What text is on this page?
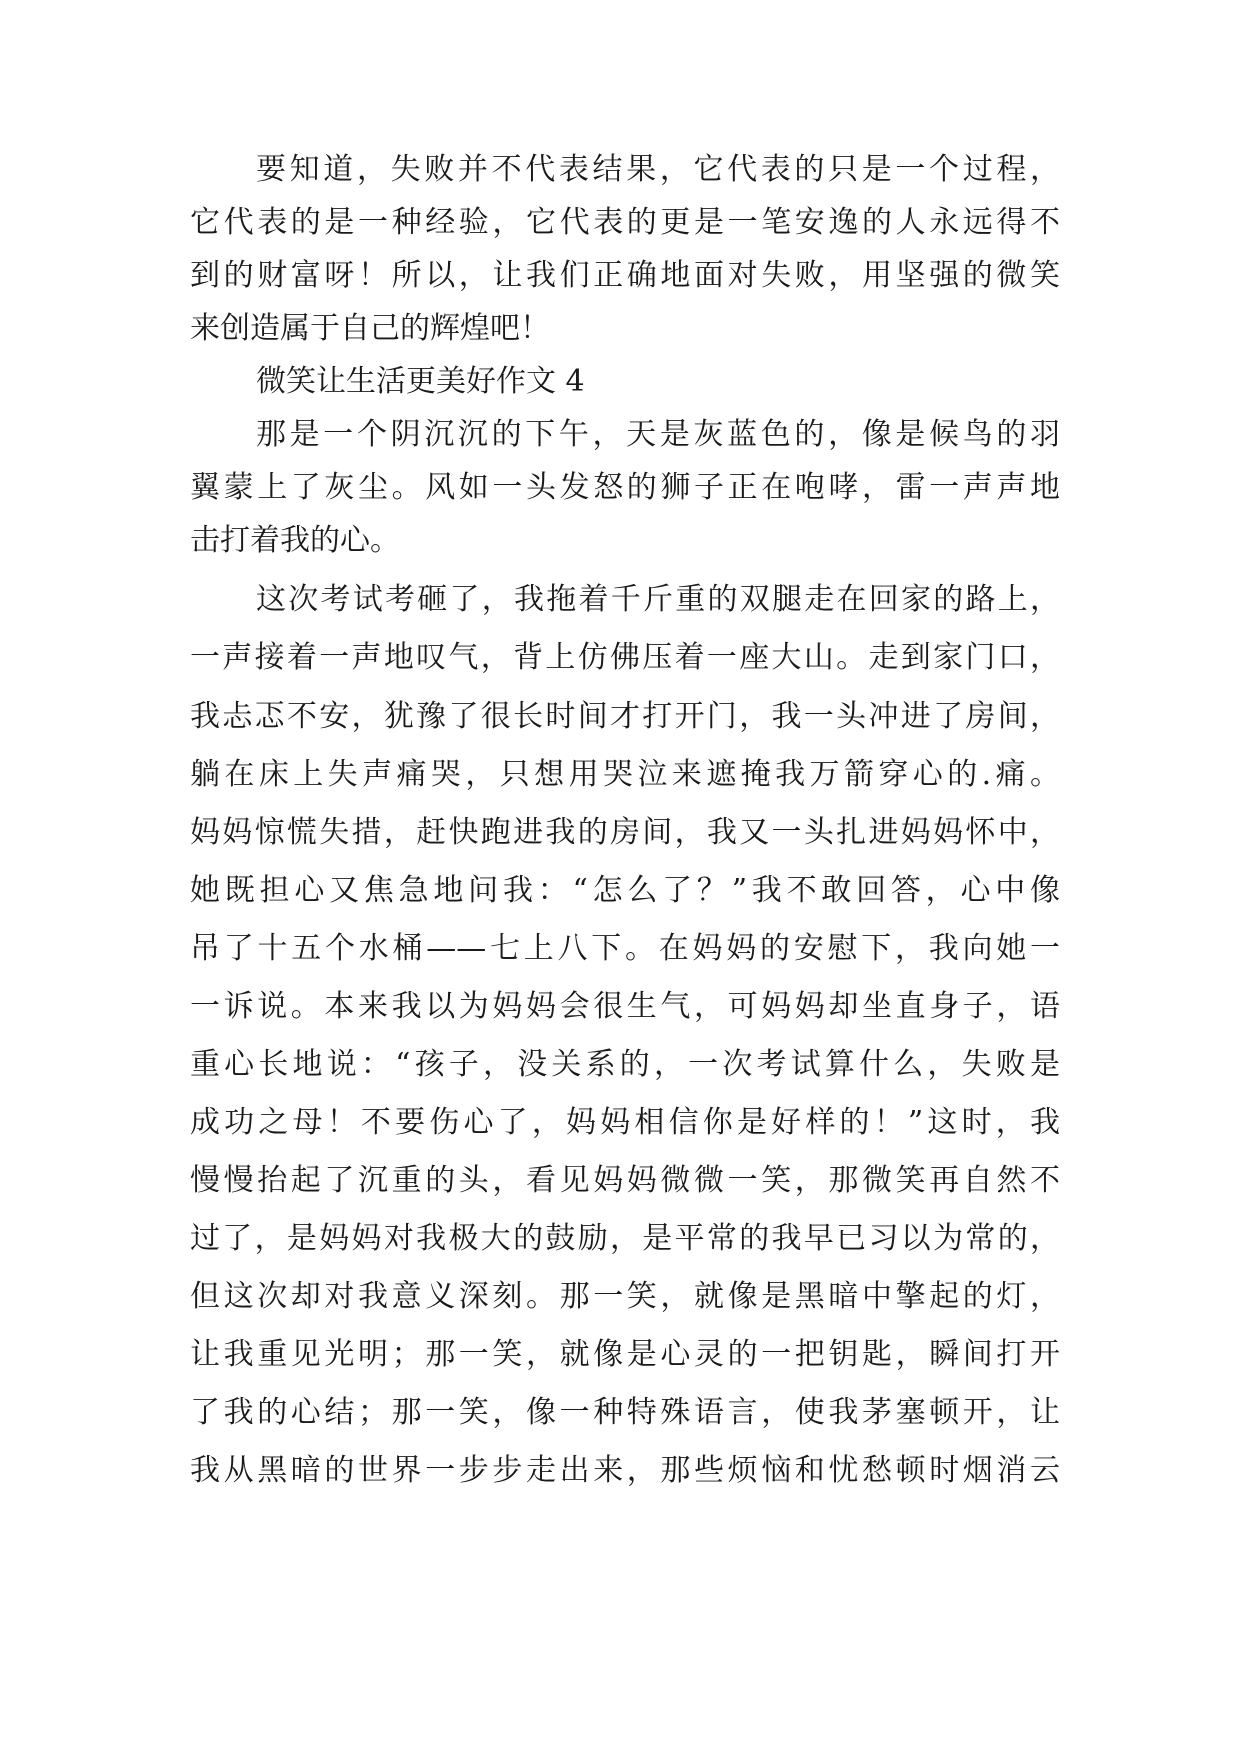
要知道，失败并不代表结果，它代表的只是一个过程，
它代表的是一种经验，它代表的更是一笔安逸的人永远得不
到的财富呀！所以，让我们正确地面对失败，用坚强的微笑
来创造属于自己的辉煌吧！
微笑让生活更美好作文 4
那是一个阴沉沉的下午，天是灰蓝色的，像是候鸟的羽
翼蒙上了灰尘。风如一头发怒的狮子正在咆哮，雷一声声地
击打着我的心。
这次考试考砸了，我拖着千斤重的双腿走在回家的路上，
一声接着一声地叹气，背上仿佛压着一座大山。走到家门口，
我忐忑不安，犹豫了很长时间才打开门，我一头冲进了房间，
躺在床上失声痛哭，只想用哭泣来遮掩我万箭穿心的.痛。
妈妈惊慌失措，赶快跑进我的房间，我又一头扎进妈妈怀中，
她既担心又焦急地问我：“怎么了？”我不敢回答，心中像
吊了十五个水桶——七上八下。在妈妈的安慰下，我向她一
一诉说。本来我以为妈妈会很生气，可妈妈却坐直身子，语
重心长地说：“孩子，没关系的，一次考试算什么，失败是
成功之母！不要伤心了，妈妈相信你是好样的！”这时，我
慢慢抬起了沉重的头，看见妈妈微微一笑，那微笑再自然不
过了，是妈妈对我极大的鼓励，是平常的我早已习以为常的，
但这次却对我意义深刻。那一笑，就像是黑暗中擎起的灯，
让我重见光明；那一笑，就像是心灵的一把钥匙，瞬间打开
了我的心结；那一笑，像一种特殊语言，使我茅塞顿开，让
我从黑暗的世界一步步走出来，那些烦恼和忧愁顿时烟消云
